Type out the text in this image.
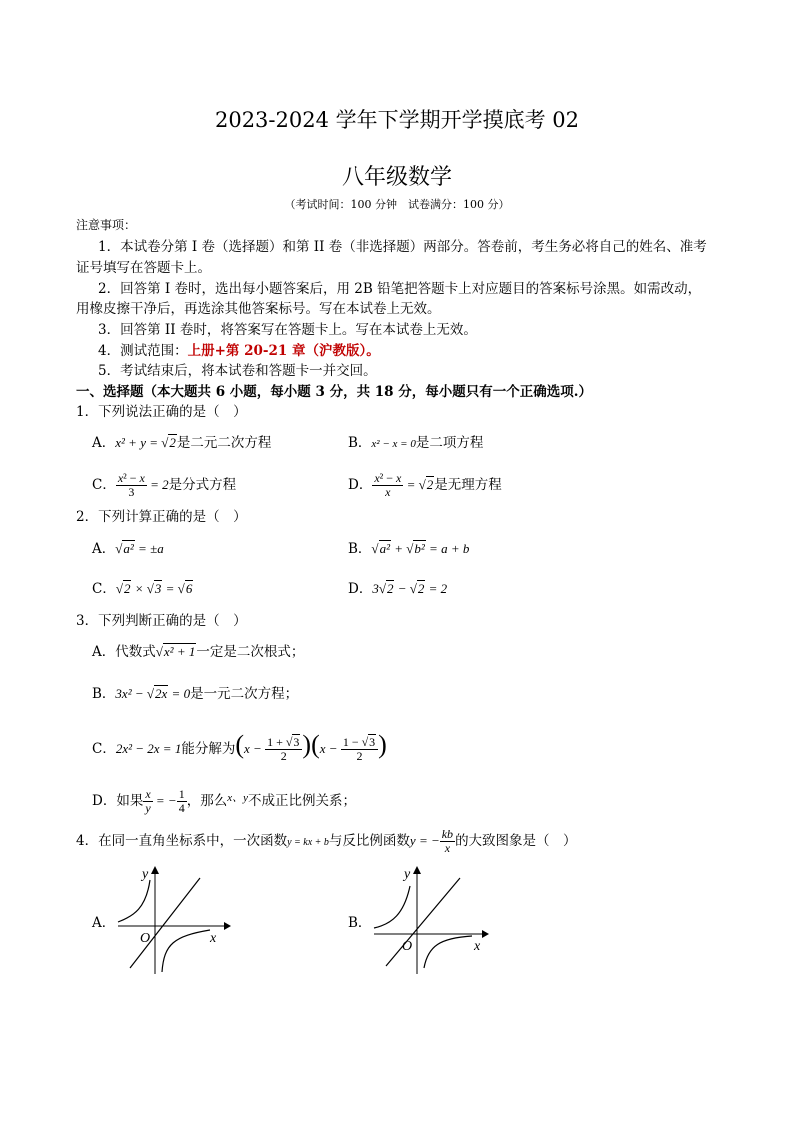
2023-2024 学年下学期开学摸底考 02
八年级数学
（考试时间：100 分钟　试卷满分：100 分）
注意事项：
1．本试卷分第 I 卷（选择题）和第 II 卷（非选择题）两部分。答卷前，考生务必将自己的姓名、准考
证号填写在答题卡上。
2．回答第 I 卷时，选出每小题答案后，用 2B 铅笔把答题卡上对应题目的答案标号涂黑。如需改动，
用橡皮擦干净后，再选涂其他答案标号。写在本试卷上无效。
3．回答第 II 卷时，将答案写在答题卡上。写在本试卷上无效。
4．测试范围：上册+第 20-21 章（沪教版）。
5．考试结束后，将本试卷和答题卡一并交回。
一、选择题（本大题共 6 小题，每小题 3 分，共 18 分，每小题只有一个正确选项.）
1．下列说法正确的是（　）
A．x² + y = √2是二元二次方程	B．x² − x = 0是二项方程
C． $\frac{\text{x² − x}}{3} = 2$是分式方程	D． $\frac{\text{x² − x}}{x} = √2$是无理方程
2．下列计算正确的是（　）
A．√a² = ±a	B．√a² + √b² = a + b
C．√2 × √3 = √6	D．3√2 − √2 = 2
3．下列判断正确的是（　）
A．代数式√x² + 1一定是二次根式；
B．3x² − √2x = 0是一元二次方程；
C．2x² − 2x = 1能分解为$(x - \frac{1 + √3}{2} )(x - \frac{1 - √3}{2}$ )
D．如果 $\frac{x}{y}$ = − $\frac{1}{4}$ ，那么$^{x、y}$不成正比例关系；
4．在同一直角坐标系中，一次函数y = kx + b与反比例函数y = − $\frac{kb}{x}$ 的大致图象是（　）
A．
x
y
O
B．
x
y
O
